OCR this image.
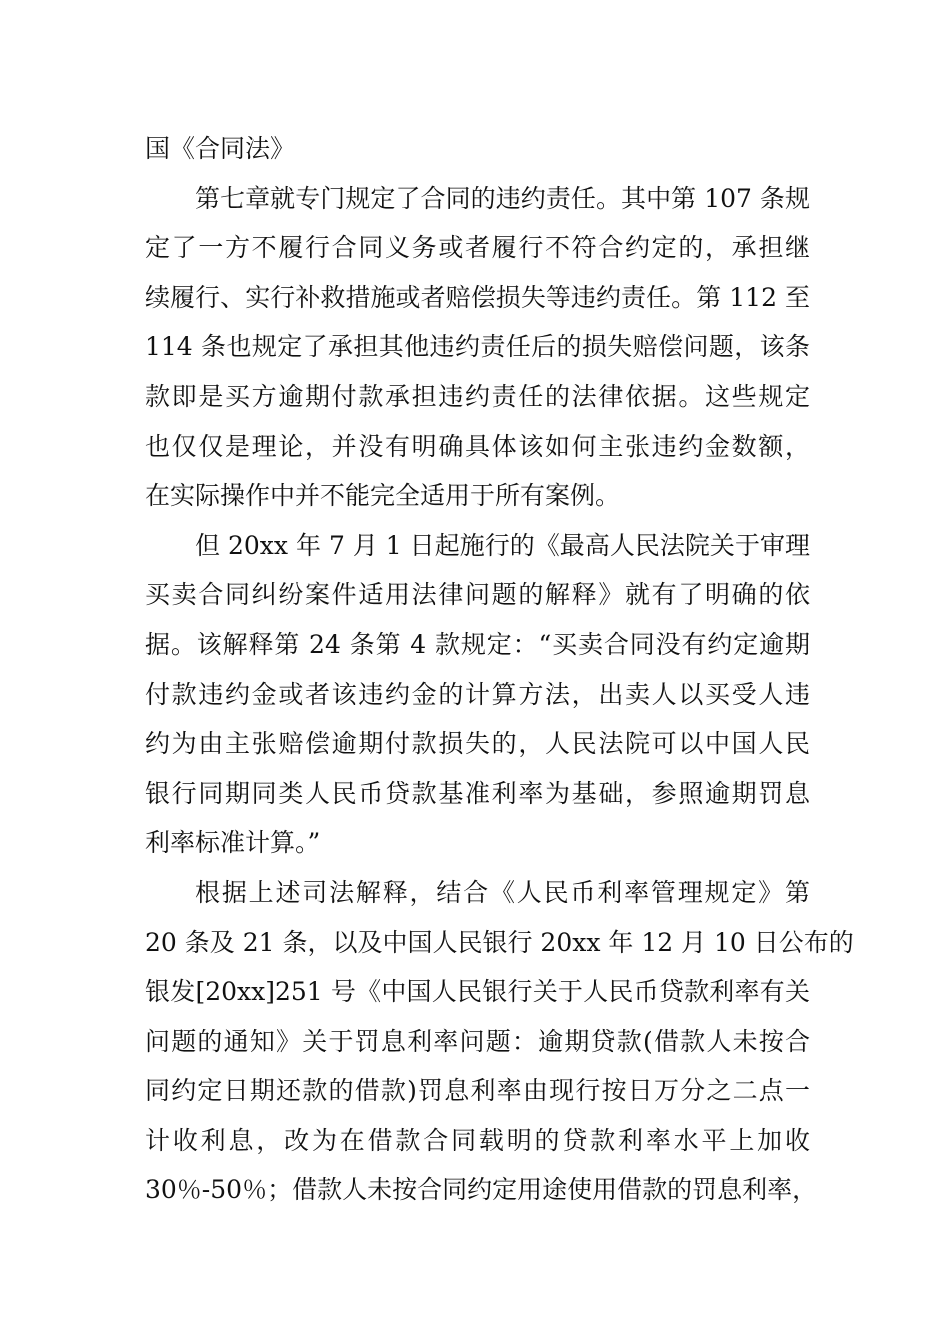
国《合同法》
第七章就专门规定了合同的违约责任。其中第 107 条规
定了一方不履行合同义务或者履行不符合约定的，承担继
续履行、实行补救措施或者赔偿损失等违约责任。第 112 至
114 条也规定了承担其他违约责任后的损失赔偿问题，该条
款即是买方逾期付款承担违约责任的法律依据。这些规定
也仅仅是理论，并没有明确具体该如何主张违约金数额，
在实际操作中并不能完全适用于所有案例。
但 20xx 年 7 月 1 日起施行的《最高人民法院关于审理
买卖合同纠纷案件适用法律问题的解释》就有了明确的依
据。该解释第 24 条第 4 款规定：“买卖合同没有约定逾期
付款违约金或者该违约金的计算方法，出卖人以买受人违
约为由主张赔偿逾期付款损失的，人民法院可以中国人民
银行同期同类人民币贷款基准利率为基础，参照逾期罚息
利率标准计算。”
根据上述司法解释，结合《人民币利率管理规定》第
20 条及 21 条，以及中国人民银行 20xx 年 12 月 10 日公布的
银发[20xx]251 号《中国人民银行关于人民币贷款利率有关
问题的通知》关于罚息利率问题：逾期贷款(借款人未按合
同约定日期还款的借款)罚息利率由现行按日万分之二点一
计收利息，改为在借款合同载明的贷款利率水平上加收
30％-50％；借款人未按合同约定用途使用借款的罚息利率，
